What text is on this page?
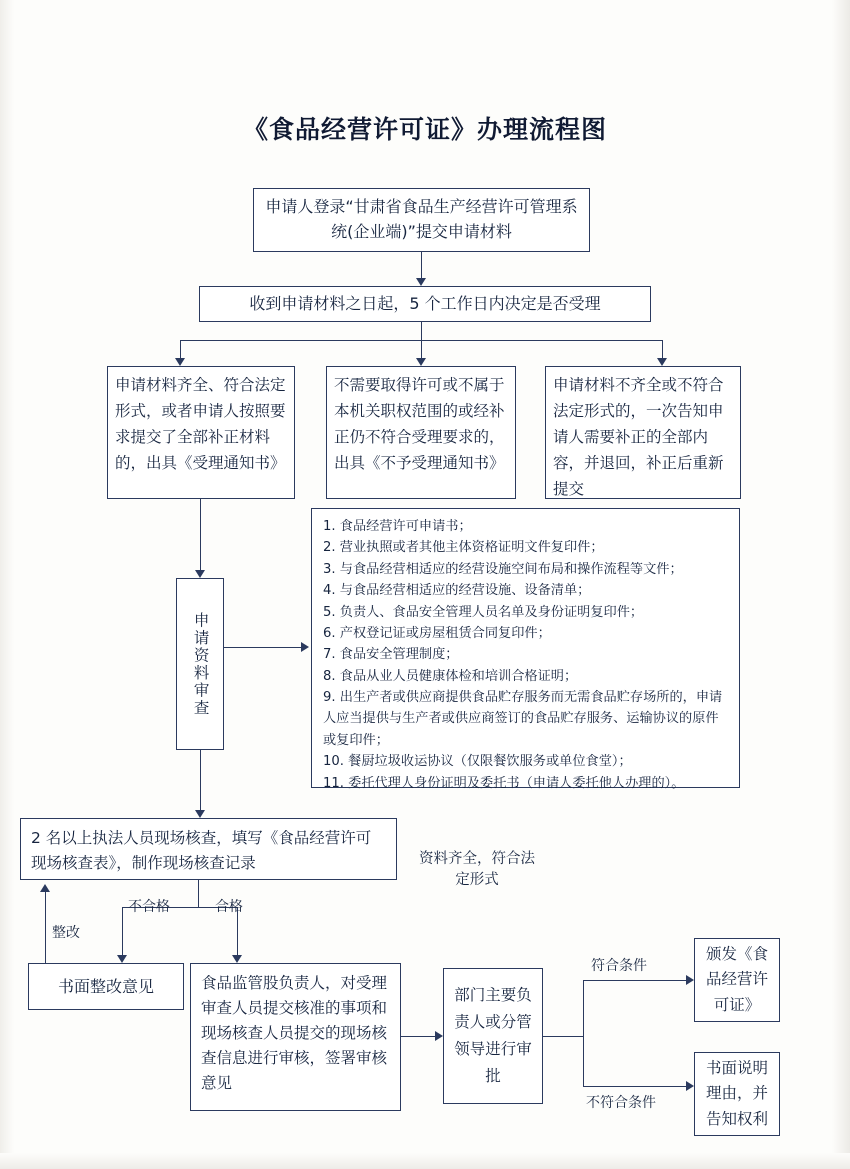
《食品经营许可证》办理流程图
申请人登录“甘肃省食品生产经营许可管理系统(企业端)”提交申请材料
收到申请材料之日起，5 个工作日内决定是否受理
申请材料齐全、符合法定形式，或者申请人按照要求提交了全部补正材料的，出具《受理通知书》
不需要取得许可或不属于本机关职权范围的或经补正仍不符合受理要求的，出具《不予受理通知书》
申请材料不齐全或不符合法定形式的，一次告知申请人需要补正的全部内容，并退回，补正后重新提交
申请资料审查
1. 食品经营许可申请书；
2. 营业执照或者其他主体资格证明文件复印件；
3. 与食品经营相适应的经营设施空间布局和操作流程等文件；
4. 与食品经营相适应的经营设施、设备清单；
5. 负责人、食品安全管理人员名单及身份证明复印件；
6. 产权登记证或房屋租赁合同复印件；
7. 食品安全管理制度；
8. 食品从业人员健康体检和培训合格证明；
9. 出生产者或供应商提供食品贮存服务而无需食品贮存场所的，申请人应当提供与生产者或供应商签订的食品贮存服务、运输协议的原件或复印件；
10. 餐厨垃圾收运协议（仅限餐饮服务或单位食堂）；
11. 委托代理人身份证明及委托书（申请人委托他人办理的）。
资料齐全，符合法定形式
2 名以上执法人员现场核查，填写《食品经营许可现场核查表》，制作现场核查记录
不合格	合格
整改
书面整改意见	食品监管股负责人，对受理审查人员提交核准的事项和现场核查人员提交的现场核查信息进行审核，签署审核意见
部门主要负责人或分管领导进行审批
符合条件
不符合条件
颁发《食品经营许可证》
书面说明理由，并告知权利
